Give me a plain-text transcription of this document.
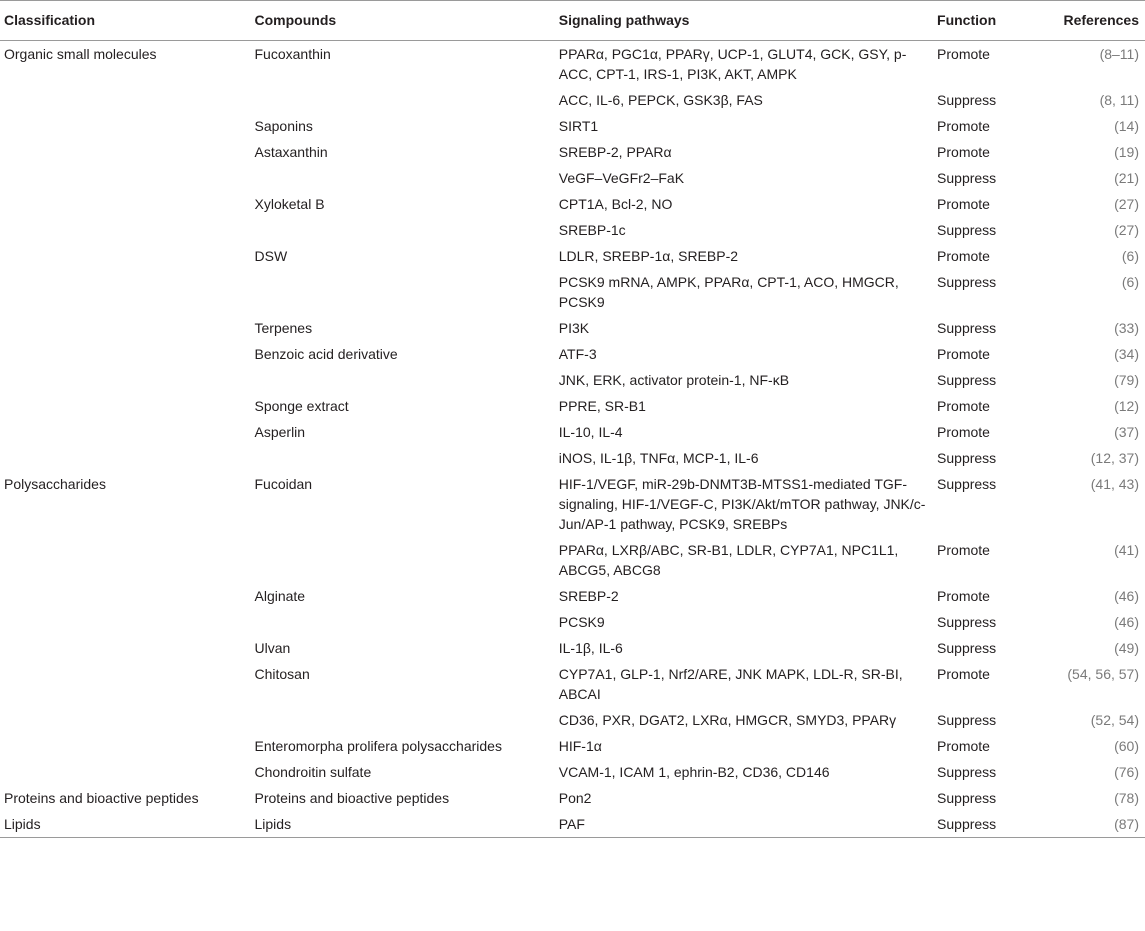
Classification	Compounds	Signaling pathways	Function	References
Organic small molecules	Fucoxanthin	PPARα, PGC1α, PPARγ, UCP-1, GLUT4, GCK, GSY, p-ACC, CPT-1, IRS-1, PI3K, AKT, AMPK	Promote	(8–11)
		ACC, IL-6, PEPCK, GSK3β, FAS	Suppress	(8, 11)
	Saponins	SIRT1	Promote	(14)
	Astaxanthin	SREBP-2, PPARα	Promote	(19)
		VeGF–VeGFr2–FaK	Suppress	(21)
	Xyloketal B	CPT1A, Bcl-2, NO	Promote	(27)
		SREBP-1c	Suppress	(27)
	DSW	LDLR, SREBP-1α, SREBP-2	Promote	(6)
		PCSK9 mRNA, AMPK, PPARα, CPT-1, ACO, HMGCR, PCSK9	Suppress	(6)
	Terpenes	PI3K	Suppress	(33)
	Benzoic acid derivative	ATF-3	Promote	(34)
		JNK, ERK, activator protein-1, NF-κB	Suppress	(79)
	Sponge extract	PPRE, SR-B1	Promote	(12)
	Asperlin	IL-10, IL-4	Promote	(37)
		iNOS, IL-1β, TNFα, MCP-1, IL-6	Suppress	(12, 37)
Polysaccharides	Fucoidan	HIF-1/VEGF, miR-29b-DNMT3B-MTSS1-mediated TGF-signaling, HIF-1/VEGF-C, PI3K/Akt/mTOR pathway, JNK/c-Jun/AP-1 pathway, PCSK9, SREBPs	Suppress	(41, 43)
		PPARα, LXRβ/ABC, SR-B1, LDLR, CYP7A1, NPC1L1, ABCG5, ABCG8	Promote	(41)
	Alginate	SREBP-2	Promote	(46)
		PCSK9	Suppress	(46)
	Ulvan	IL-1β, IL-6	Suppress	(49)
	Chitosan	CYP7A1, GLP-1, Nrf2/ARE, JNK MAPK, LDL-R, SR-BI, ABCAI	Promote	(54, 56, 57)
		CD36, PXR, DGAT2, LXRα, HMGCR, SMYD3, PPARγ	Suppress	(52, 54)
	Enteromorpha prolifera polysaccharides	HIF-1α	Promote	(60)
	Chondroitin sulfate	VCAM-1, ICAM 1, ephrin-B2, CD36, CD146	Suppress	(76)
Proteins and bioactive peptides	Proteins and bioactive peptides	Pon2	Suppress	(78)
Lipids	Lipids	PAF	Suppress	(87)
